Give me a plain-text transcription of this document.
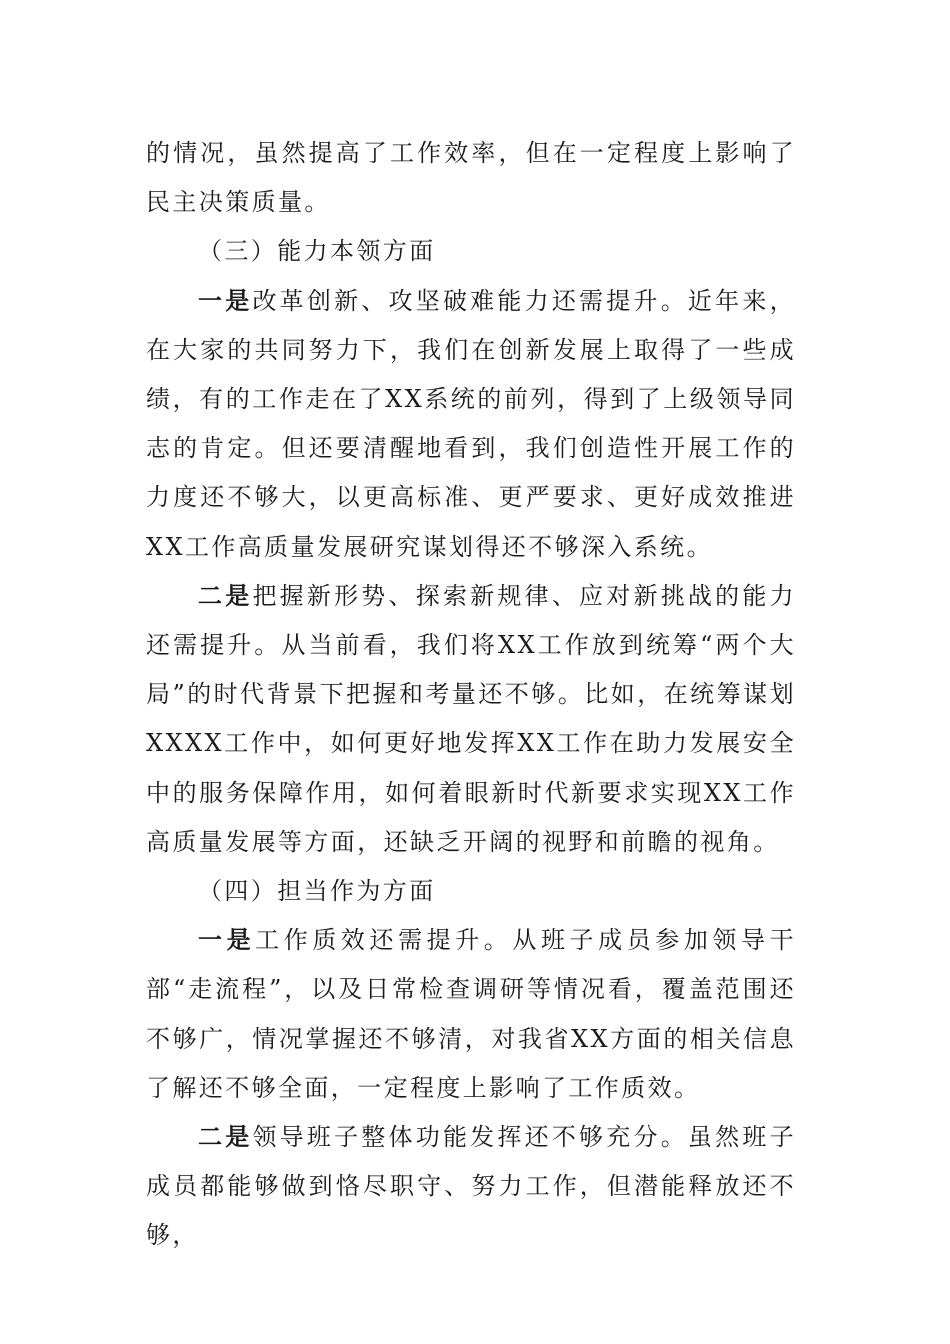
的情况，虽然提高了工作效率，但在一定程度上影响了民主决策质量。

（三）能力本领方面

一是改革创新、攻坚破难能力还需提升。近年来，在大家的共同努力下，我们在创新发展上取得了一些成绩，有的工作走在了XX系统的前列，得到了上级领导同志的肯定。但还要清醒地看到，我们创造性开展工作的力度还不够大，以更高标准、更严要求、更好成效推进XX工作高质量发展研究谋划得还不够深入系统。

二是把握新形势、探索新规律、应对新挑战的能力还需提升。从当前看，我们将XX工作放到统筹“两个大局”的时代背景下把握和考量还不够。比如，在统筹谋划XXXX工作中，如何更好地发挥XX工作在助力发展安全中的服务保障作用，如何着眼新时代新要求实现XX工作高质量发展等方面，还缺乏开阔的视野和前瞻的视角。

（四）担当作为方面

一是工作质效还需提升。从班子成员参加领导干部“走流程”，以及日常检查调研等情况看，覆盖范围还不够广，情况掌握还不够清，对我省XX方面的相关信息了解还不够全面，一定程度上影响了工作质效。

二是领导班子整体功能发挥还不够充分。虽然班子成员都能够做到恪尽职守、努力工作，但潜能释放还不够，
